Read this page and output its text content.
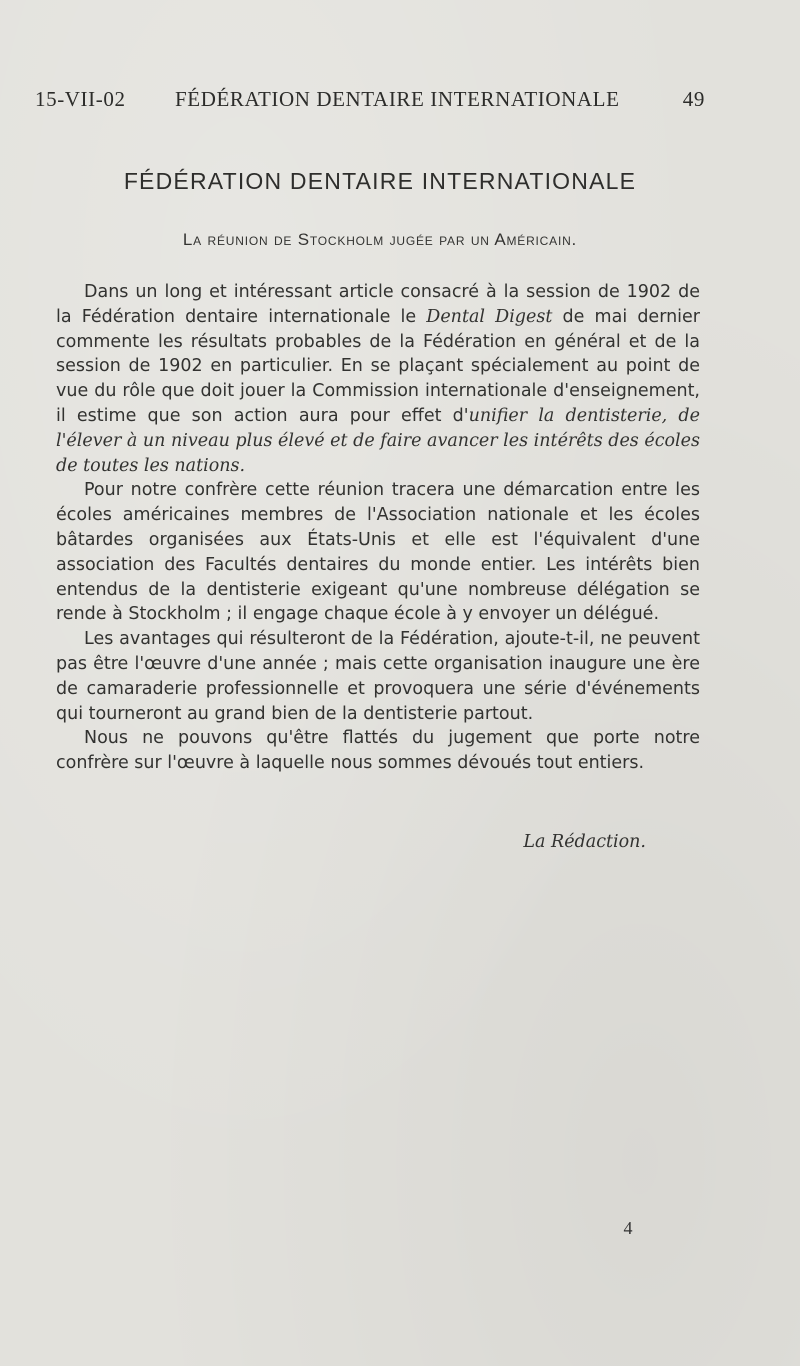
15-VII-02 FÉDÉRATION DENTAIRE INTERNATIONALE	49
FÉDÉRATION DENTAIRE INTERNATIONALE
La réunion de Stockholm jugée par un Américain.

Dans un long et intéressant article consacré à la session de 1902 de la Fédération dentaire internationale le Dental Digest de mai dernier commente les résultats probables de la Fédération en général et de la session de 1902 en particulier. En se plaçant spécialement au point de vue du rôle que doit jouer la Commission internationale d'enseignement, il estime que son action aura pour effet d'unifier la dentisterie, de l'élever à un niveau plus élevé et de faire avancer les intérêts des écoles de toutes les nations.

Pour notre confrère cette réunion tracera une démarcation entre les écoles américaines membres de l'Association nationale et les écoles bâtardes organisées aux États-Unis et elle est l'équivalent d'une association des Facultés dentaires du monde entier. Les intérêts bien entendus de la dentisterie exigeant qu'une nombreuse délégation se rende à Stockholm ; il engage chaque école à y envoyer un délégué.

Les avantages qui résulteront de la Fédération, ajoute-t-il, ne peuvent pas être l'œuvre d'une année ; mais cette organisation inaugure une ère de camaraderie professionnelle et provoquera une série d'événements qui tourneront au grand bien de la dentisterie partout.

Nous ne pouvons qu'être flattés du jugement que porte notre confrère sur l'œuvre à laquelle nous sommes dévoués tout entiers.

La Rédaction.
4
